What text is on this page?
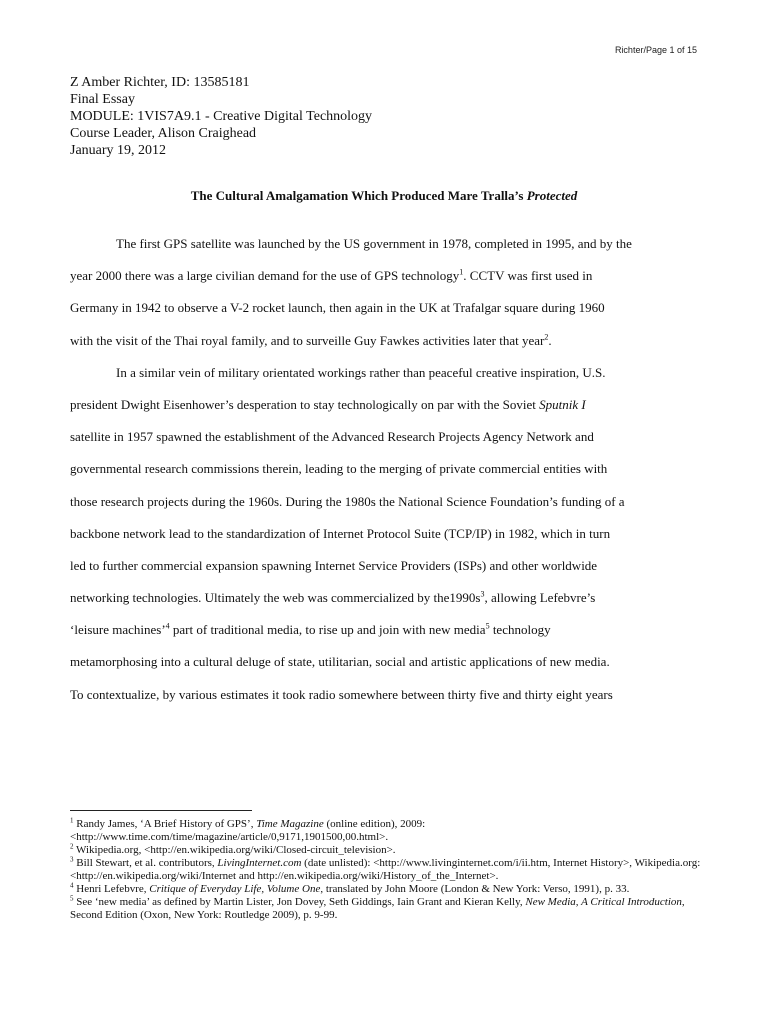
Richter/Page 1 of 15
Z Amber Richter, ID: 13585181
Final Essay
MODULE: 1VIS7A9.1 - Creative Digital Technology
Course Leader, Alison Craighead
January 19, 2012
The Cultural Amalgamation Which Produced Mare Tralla’s Protected
The first GPS satellite was launched by the US government in 1978, completed in 1995, and by the
year 2000 there was a large civilian demand for the use of GPS technology$^1$. CCTV was first used in
Germany in 1942 to observe a V-2 rocket launch, then again in the UK at Trafalgar square during 1960
with the visit of the Thai royal family, and to surveille Guy Fawkes activities later that year$^2$.
In a similar vein of military orientated workings rather than peaceful creative inspiration, U.S.
president Dwight Eisenhower’s desperation to stay technologically on par with the Soviet Sputnik I
satellite in 1957 spawned the establishment of the Advanced Research Projects Agency Network and
governmental research commissions therein, leading to the merging of private commercial entities with
those research projects during the 1960s. During the 1980s the National Science Foundation’s funding of a
backbone network lead to the standardization of Internet Protocol Suite (TCP/IP) in 1982, which in turn
led to further commercial expansion spawning Internet Service Providers (ISPs) and other worldwide
networking technologies. Ultimately the web was commercialized by $the1990s^3$, allowing Lefebvre’s
‘leisure machines’$^4$ part of traditional media, to rise up and join with new media$^5$ technology
metamorphosing into a cultural deluge of state, utilitarian, social and artistic applications of new media.
To contextualize, by various estimates it took radio somewhere between thirty five and thirty eight years
$^1$ Randy James, ‘A Brief History of GPS’, Time Magazine (online edition), 2009: <http://www.time.com/time/magazine/article/0,9171,1901500,00.html>.
$^2$ Wikipedia.org, <http://en.wikipedia.org/wiki/Closed-circuit_television>.
$^3$ Bill Stewart, et al. contributors, LivingInternet.com (date unlisted): <http://www.livinginternet.com/i/ii.htm, Internet History>, Wikipedia.org: <http://en.wikipedia.org/wiki/Internet and http://en.wikipedia.org/wiki/History_of_the_Internet>.
$^4$ Henri Lefebvre, Critique of Everyday Life, Volume One, translated by John Moore (London & New York: Verso, 1991), p. 33.
$^5$ See ‘new media’ as defined by Martin Lister, Jon Dovey, Seth Giddings, Iain Grant and Kieran Kelly, New Media, A Critical Introduction, Second Edition (Oxon, New York: Routledge 2009), p. 9-99.
